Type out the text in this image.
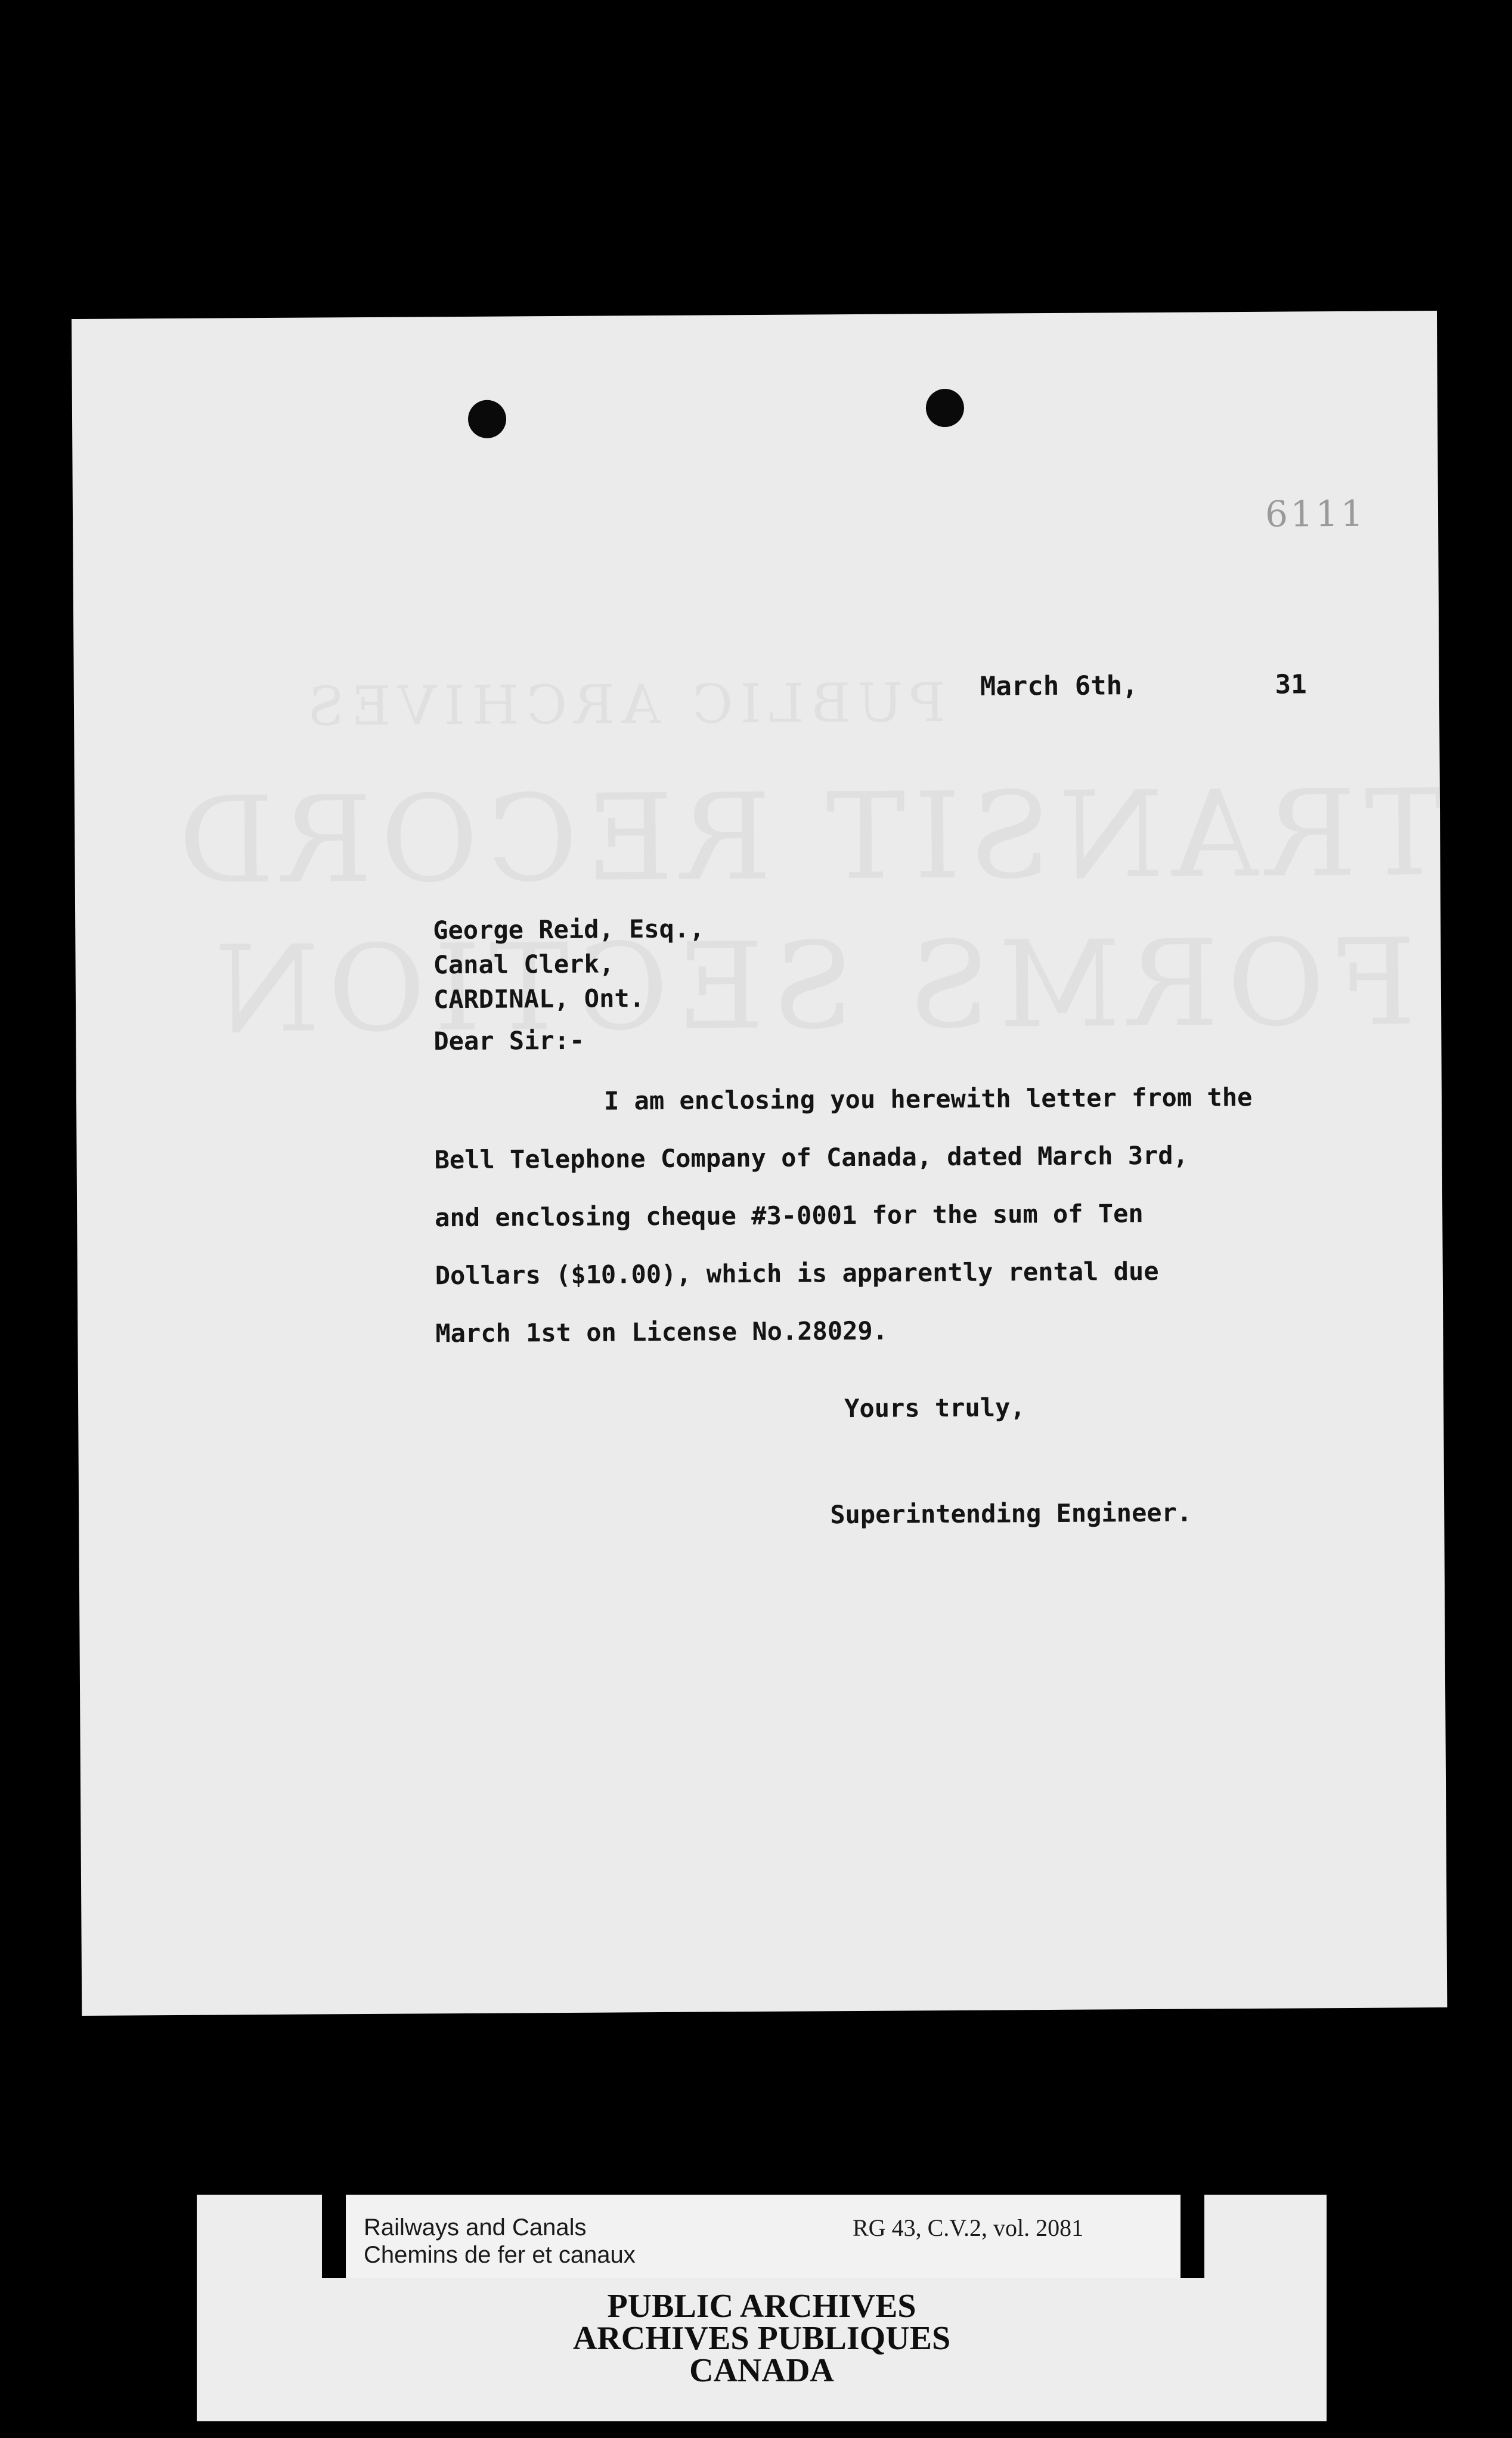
6111
March 6th,	31
George Reid, Esq.,
Canal Clerk,
CARDINAL, Ont.
Dear Sir:-
I am enclosing you herewith letter from the
Bell Telephone Company of Canada, dated March 3rd,
and enclosing cheque #3-0001 for the sum of Ten
Dollars ($10.00), which is apparently rental due
March 1st on License No.28029.
Yours truly,
Superintending Engineer.
Railways and Canals
Chemins de fer et canaux
RG 43, C.V.2, vol. 2081
PUBLIC ARCHIVES
ARCHIVES PUBLIQUES
CANADA
